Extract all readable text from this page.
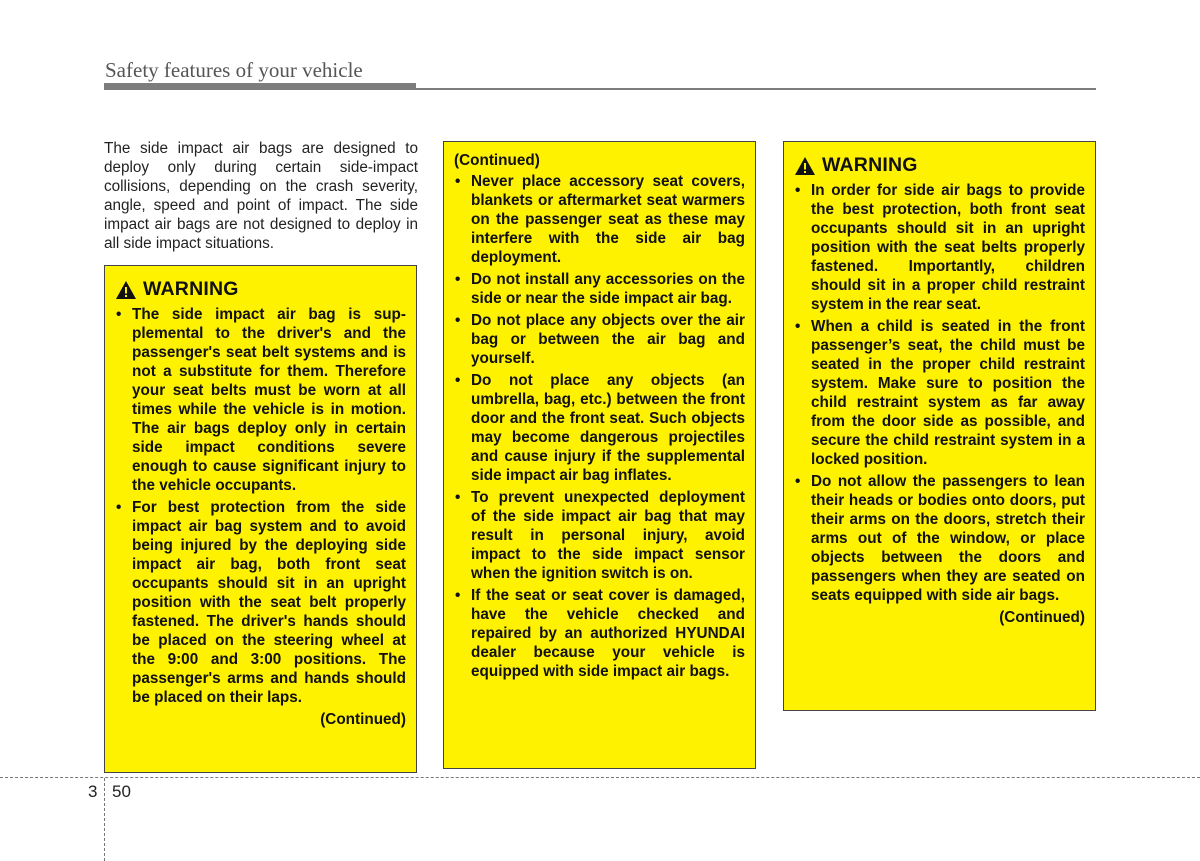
Safety features of your vehicle

The side impact air bags are designed to deploy only during certain side-impact collisions, depending on the crash severity, angle, speed and point of impact. The side impact air bags are not designed to deploy in all side impact situations.

WARNING
• The side impact air bag is supplemental to the driver's and the passenger's seat belt systems and is not a substitute for them. Therefore your seat belts must be worn at all times while the vehicle is in motion. The air bags deploy only in certain side impact conditions severe enough to cause significant injury to the vehicle occupants.
• For best protection from the side impact air bag system and to avoid being injured by the deploying side impact air bag, both front seat occupants should sit in an upright position with the seat belt properly fastened. The driver's hands should be placed on the steering wheel at the 9:00 and 3:00 positions. The passenger's arms and hands should be placed on their laps.
(Continued)
(Continued)
• Never place accessory seat covers, blankets or aftermarket seat warmers on the passenger seat as these may interfere with the side air bag deployment.
• Do not install any accessories on the side or near the side impact air bag.
• Do not place any objects over the air bag or between the air bag and yourself.
• Do not place any objects (an umbrella, bag, etc.) between the front door and the front seat. Such objects may become dangerous projectiles and cause injury if the supplemental side impact air bag inflates.
• To prevent unexpected deployment of the side impact air bag that may result in personal injury, avoid impact to the side impact sensor when the ignition switch is on.
• If the seat or seat cover is damaged, have the vehicle checked and repaired by an authorized HYUNDAI dealer because your vehicle is equipped with side impact air bags.
WARNING
• In order for side air bags to provide the best protection, both front seat occupants should sit in an upright position with the seat belts properly fastened. Importantly, children should sit in a proper child restraint system in the rear seat.
• When a child is seated in the front passenger’s seat, the child must be seated in the proper child restraint system. Make sure to position the child restraint system as far away from the door side as possible, and secure the child restraint system in a locked position.
• Do not allow the passengers to lean their heads or bodies onto doors, put their arms on the doors, stretch their arms out of the window, or place objects between the doors and passengers when they are seated on seats equipped with side air bags.
(Continued)
3 50
